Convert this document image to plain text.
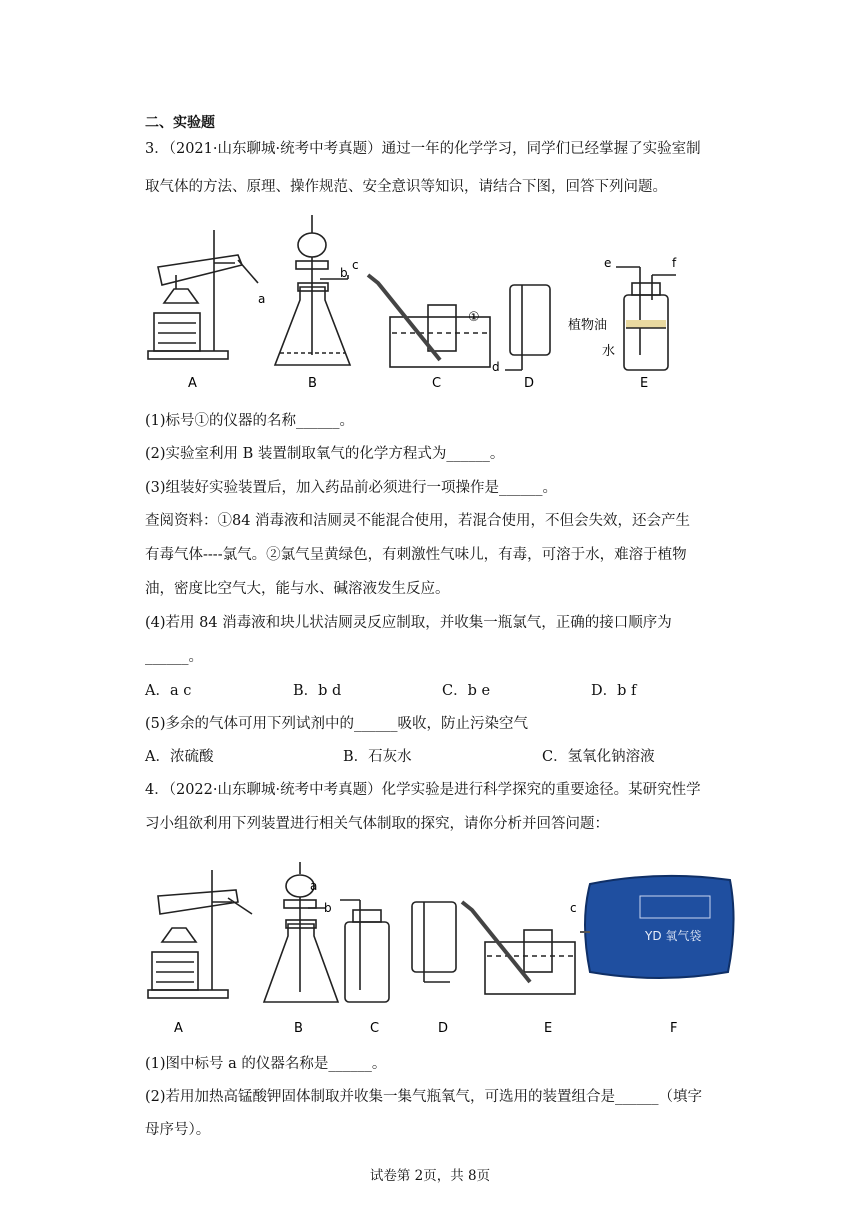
二、实验题
3．（2021·山东聊城·统考中考真题）通过一年的化学学习，同学们已经掌握了实验室制
取气体的方法、原理、操作规范、安全意识等知识，请结合下图，回答下列问题。
A	B	C	D	E
a
b
c
d
e	f
①
植物油
水
(1)标号①的仪器的名称______。
(2)实验室利用 B 装置制取氧气的化学方程式为______。
(3)组装好实验装置后，加入药品前必须进行一项操作是______。
查阅资料：①84 消毒液和洁厕灵不能混合使用，若混合使用，不但会失效，还会产生
有毒气体----氯气。②氯气呈黄绿色，有刺激性气味儿，有毒，可溶于水，难溶于植物
油，密度比空气大，能与水、碱溶液发生反应。
(4)若用 84 消毒液和块儿状洁厕灵反应制取，并收集一瓶氯气，正确的接口顺序为
______。
A．a c	B．b d	C．b e	D．b f
(5)多余的气体可用下列试剂中的______吸收，防止污染空气
A．浓硫酸	B．石灰水	C．氢氧化钠溶液
4．（2022·山东聊城·统考中考真题）化学实验是进行科学探究的重要途径。某研究性学
习小组欲利用下列装置进行相关气体制取的探究，请你分析并回答问题：
YD 氧气袋
A	B	C	D	E	F
a
b	c
(1)图中标号 a 的仪器名称是______。
(2)若用加热高锰酸钾固体制取并收集一集气瓶氧气，可选用的装置组合是______（填字
母序号）。
试卷第 2页，共 8页
